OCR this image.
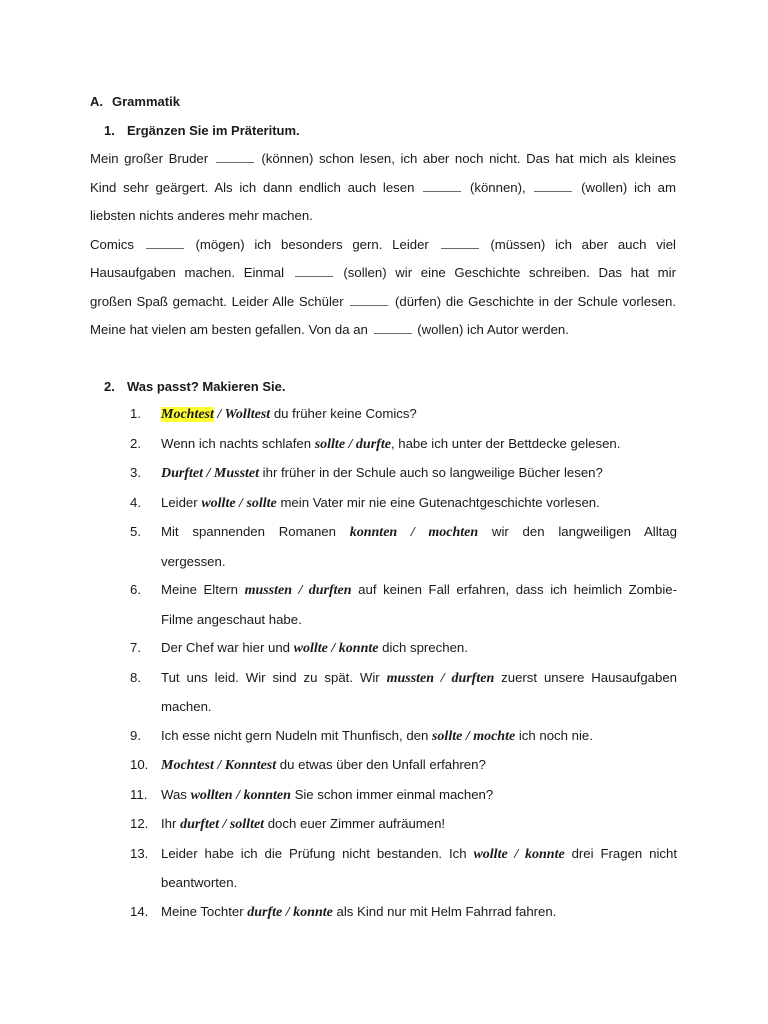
A. Grammatik
1. Ergänzen Sie im Präteritum.
Mein großer Bruder	(können) schon lesen, ich aber noch nicht. Das hat mich als kleines
Kind sehr geärgert. Als ich dann endlich auch lesen	(können),	(wollen) ich am
liebsten nichts anderes mehr machen.
Comics	(mögen) ich besonders gern. Leider	(müssen) ich aber auch viel
Hausaufgaben machen. Einmal	(sollen) wir eine Geschichte schreiben. Das hat mir
großen Spaß gemacht. Leider Alle Schüler	(dürfen) die Geschichte in der Schule vorlesen.
Meine hat vielen am besten gefallen. Von da an	(wollen) ich Autor werden.
2. Was passt? Makieren Sie.
1.	Mochtest / Wolltest du früher keine Comics?
2.	Wenn ich nachts schlafen sollte / durfte, habe ich unter der Bettdecke gelesen.
3.	Durftet / Musstet ihr früher in der Schule auch so langweilige Bücher lesen?
4.	Leider wollte / sollte mein Vater mir nie eine Gutenachtgeschichte vorlesen.
5.	Mit spannenden Romanen konnten / mochten wir den langweiligen Alltag
vergessen.
6.	Meine Eltern mussten / durften auf keinen Fall erfahren, dass ich heimlich Zombie-
Filme angeschaut habe.
7.	Der Chef war hier und wollte / konnte dich sprechen.
8.	Tut uns leid. Wir sind zu spät. Wir mussten / durften zuerst unsere Hausaufgaben
machen.
9.	Ich esse nicht gern Nudeln mit Thunfisch, den sollte / mochte ich noch nie.
10. Mochtest / Konntest du etwas über den Unfall erfahren?
11.	Was wollten / konnten Sie schon immer einmal machen?
12. Ihr durftet / solltet doch euer Zimmer aufräumen!
13. Leider habe ich die Prüfung nicht bestanden. Ich wollte / konnte drei Fragen nicht
beantworten.
14. Meine Tochter durfte / konnte als Kind nur mit Helm Fahrrad fahren.
